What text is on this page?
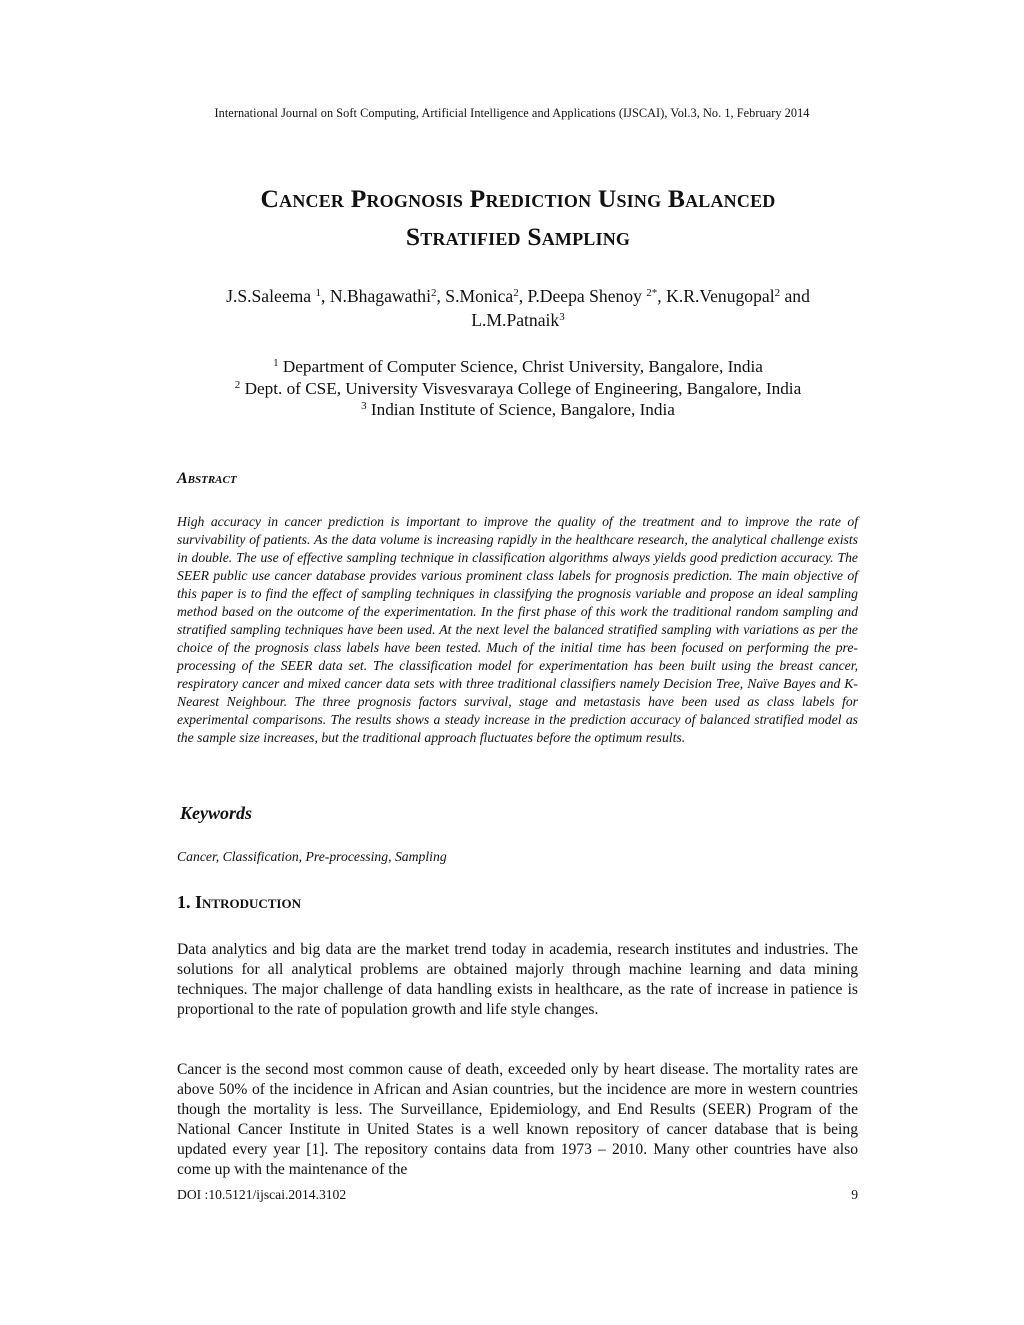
International Journal on Soft Computing, Artificial Intelligence and Applications (IJSCAI), Vol.3, No. 1, February 2014
Cancer Prognosis Prediction Using Balanced
Stratified Sampling
J.S.Saleema $^1$, N.Bhagawathi$^2$, S.Monica$^2$, P.Deepa Shenoy $^{2*}$, K.R.Venugopal$^2$ and
L.M.Patnaik$^3$
$^1$ Department of Computer Science, Christ University, Bangalore, India
$^2$ Dept. of CSE, University Visvesvaraya College of Engineering, Bangalore, India
$^3$ Indian Institute of Science, Bangalore, India
Abstract
High accuracy in cancer prediction is important to improve the quality of the treatment and to improve the rate of survivability of patients. As the data volume is increasing rapidly in the healthcare research, the analytical challenge exists in double. The use of effective sampling technique in classification algorithms always yields good prediction accuracy. The SEER public use cancer database provides various prominent class labels for prognosis prediction. The main objective of this paper is to find the effect of sampling techniques in classifying the prognosis variable and propose an ideal sampling method based on the outcome of the experimentation. In the first phase of this work the traditional random sampling and stratified sampling techniques have been used. At the next level the balanced stratified sampling with variations as per the choice of the prognosis class labels have been tested. Much of the initial time has been focused on performing the pre-processing of the SEER data set. The classification model for experimentation has been built using the breast cancer, respiratory cancer and mixed cancer data sets with three traditional classifiers namely Decision Tree, Naïve Bayes and K-Nearest Neighbour. The three prognosis factors survival, stage and metastasis have been used as class labels for experimental comparisons. The results shows a steady increase in the prediction accuracy of balanced stratified model as the sample size increases, but the traditional approach fluctuates before the optimum results.
Keywords
Cancer, Classification, Pre-processing, Sampling
1. Introduction
Data analytics and big data are the market trend today in academia, research institutes and industries. The solutions for all analytical problems are obtained majorly through machine learning and data mining techniques. The major challenge of data handling exists in healthcare, as the rate of increase in patience is proportional to the rate of population growth and life style changes.
Cancer is the second most common cause of death, exceeded only by heart disease. The mortality rates are above 50% of the incidence in African and Asian countries, but the incidence are more in western countries though the mortality is less. The Surveillance, Epidemiology, and End Results (SEER) Program of the National Cancer Institute in United States is a well known repository of cancer database that is being updated every year [1]. The repository contains data from 1973 – 2010. Many other countries have also come up with the maintenance of the
DOI :10.5121/ijscai.2014.3102	9
